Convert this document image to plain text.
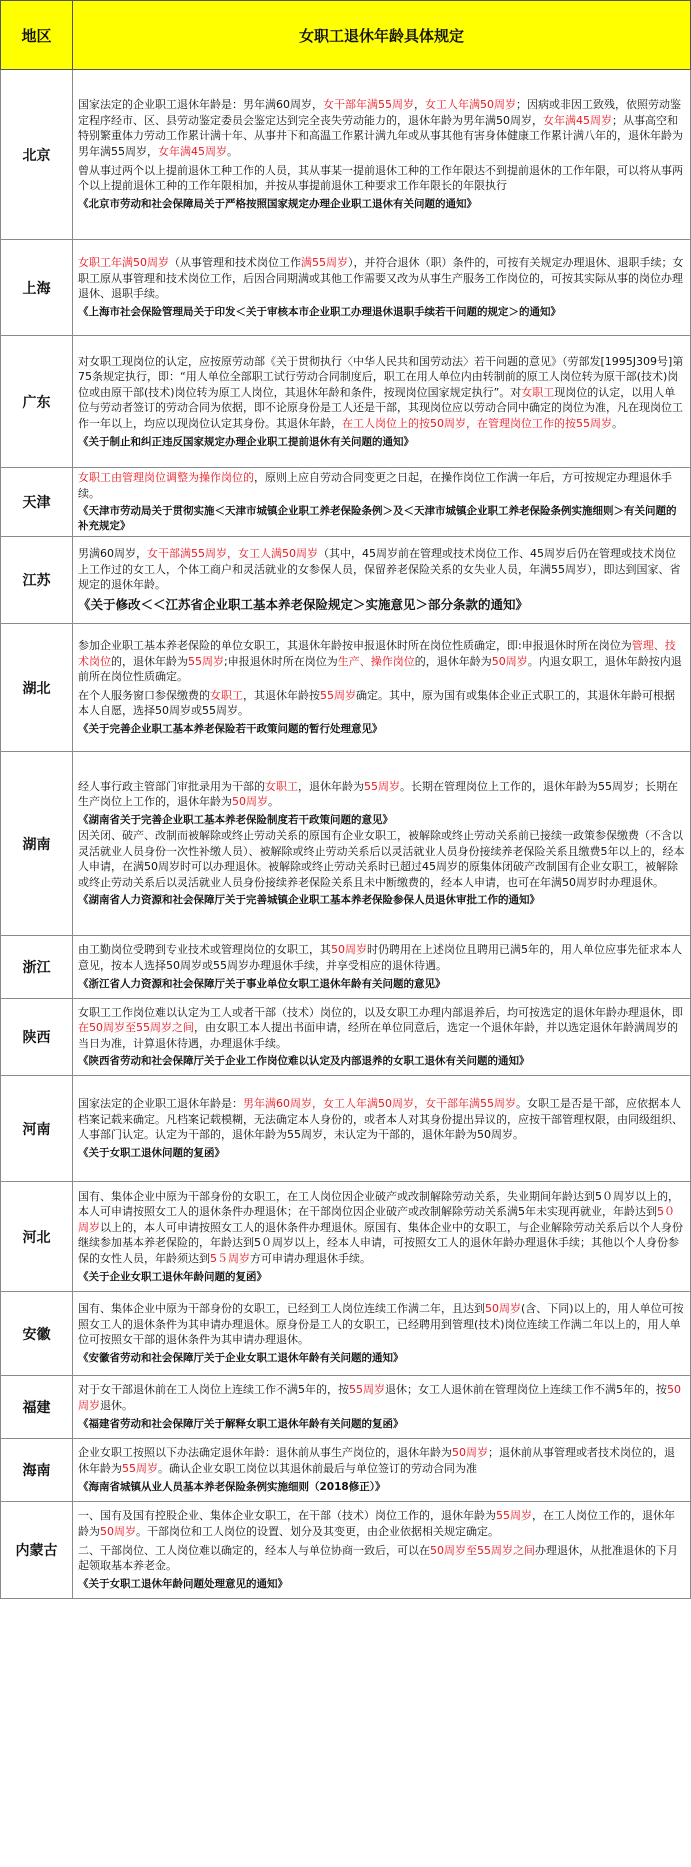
地区	女职工退休年龄具体规定
北京	国家法定的企业职工退休年龄是：男年满60周岁，女干部年满55周岁，女工人年满50周岁；因病或非因工致残，依照劳动鉴定程序经市、区、县劳动鉴定委员会鉴定达到完全丧失劳动能力的，退休年龄为男年满50周岁，女年满45周岁；从事高空和特别繁重体力劳动工作累计满十年、从事井下和高温工作累计满九年或从事其他有害身体健康工作累计满八年的，退休年龄为男年满55周岁，女年满45周岁。
曾从事过两个以上提前退休工种工作的人员，其从事某一提前退休工种的工作年限达不到提前退休的工作年限，可以将从事两个以上提前退休工种的工作年限相加，并按从事提前退休工种要求工作年限长的年限执行
《北京市劳动和社会保障局关于严格按照国家规定办理企业职工退休有关问题的通知》

上海	女职工年满50周岁（从事管理和技术岗位工作满55周岁），并符合退休（职）条件的，可按有关规定办理退休、退职手续；女职工原从事管理和技术岗位工作，后因合同期满或其他工作需要又改为从事生产服务工作岗位的，可按其实际从事的岗位办理退休、退职手续。
《上海市社会保险管理局关于印发＜关于审核本市企业职工办理退休退职手续若干问题的规定＞的通知》

广东	对女职工现岗位的认定，应按原劳动部《关于贯彻执行〈中华人民共和国劳动法〉若干问题的意见》（劳部发[1995J309号]第75条规定执行，即：“用人单位全部职工试行劳动合同制度后，职工在用人单位内由转制前的原工人岗位转为原干部(技术)岗位或由原干部(技术)岗位转为原工人岗位，其退休年龄和条件，按现岗位国家规定执行”。对女职工现岗位的认定，以用人单位与劳动者签订的劳动合同为依据，即不论原身份是工人还是干部，其现岗位应以劳动合同中确定的岗位为准，凡在现岗位工作一年以上，均应以现岗位认定其身份。其退休年龄，在工人岗位上的按50周岁，在管理岗位工作的按55周岁。
《关于制止和纠正违反国家规定办理企业职工提前退休有关问题的通知》

天津	女职工由管理岗位调整为操作岗位的，原则上应自劳动合同变更之日起，在操作岗位工作满一年后，方可按规定办理退休手续。
《天津市劳动局关于贯彻实施＜天津市城镇企业职工养老保险条例＞及＜天津市城镇企业职工养老保险条例实施细则＞有关问题的补充规定》

江苏	男满60周岁，女干部满55周岁，女工人满50周岁（其中，45周岁前在管理或技术岗位工作、45周岁后仍在管理或技术岗位上工作过的女工人，个体工商户和灵活就业的女参保人员，保留养老保险关系的女失业人员，年满55周岁），即达到国家、省规定的退休年龄。
《关于修改＜＜江苏省企业职工基本养老保险规定＞实施意见＞部分条款的通知》

湖北	参加企业职工基本养老保险的单位女职工，其退休年龄按申报退休时所在岗位性质确定，即:申报退休时所在岗位为管理、技术岗位的，退休年龄为55周岁;申报退休时所在岗位为生产、操作岗位的，退休年龄为50周岁。内退女职工，退休年龄按内退前所在岗位性质确定。
在个人服务窗口参保缴费的女职工，其退休年龄按55周岁确定。其中，原为国有或集体企业正式职工的，其退休年龄可根据本人自愿，选择50周岁或55周岁。
《关于完善企业职工基本养老保险若干政策问题的暂行处理意见》

湖南	经人事行政主管部门审批录用为干部的女职工，退休年龄为55周岁。长期在管理岗位上工作的，退休年龄为55周岁；长期在生产岗位上工作的，退休年龄为50周岁。
《湖南省关于完善企业职工基本养老保险制度若干政策问题的意见》
因关闭、破产、改制而被解除或终止劳动关系的原国有企业女职工，被解除或终止劳动关系前已接续一政策参保缴费（不含以灵活就业人员身份一次性补缴人员）、被解除或终止劳动关系后以灵活就业人员身份接续养老保险关系且缴费5年以上的，经本人申请，在满50周岁时可以办理退休。被解除或终止劳动关系时已超过45周岁的原集体闭破产改制国有企业女职工，被解除或终止劳动关系后以灵活就业人员身份接续养老保险关系且未中断缴费的，经本人申请，也可在年满50周岁时办理退休。
《湖南省人力资源和社会保障厅关于完善城镇企业职工基本养老保险参保人员退休审批工作的通知》

浙江	由工勤岗位受聘到专业技术或管理岗位的女职工，其50周岁时仍聘用在上述岗位且聘用已满5年的，用人单位应事先征求本人意见，按本人选择50周岁或55周岁办理退休手续，并享受相应的退休待遇。
《浙江省人力资源和社会保障厅关于事业单位女职工退休年龄有关问题的意见》

陕西	女职工工作岗位难以认定为工人或者干部（技术）岗位的，以及女职工办理内部退养后，均可按选定的退休年龄办理退休，即在50周岁至55周岁之间，由女职工本人提出书面申请，经所在单位同意后，选定一个退休年龄，并以选定退休年龄满周岁的当日为准，计算退休待遇，办理退休手续。
《陕西省劳动和社会保障厅关于企业工作岗位难以认定及内部退养的女职工退休有关问题的通知》

河南	国家法定的企业职工退休年龄是：男年满60周岁，女工人年满50周岁，女干部年满55周岁。女职工是否是干部，应依据本人档案记载来确定。凡档案记载模糊，无法确定本人身份的，或者本人对其身份提出异议的，应按干部管理权限，由同级组织、人事部门认定。认定为干部的，退休年龄为55周岁，未认定为干部的，退休年龄为50周岁。
《关于女职工退休问题的复函》

河北	国有、集体企业中原为干部身份的女职工，在工人岗位因企业破产或改制解除劳动关系，失业期间年龄达到5０周岁以上的，本人可申请按照女工人的退休条件办理退休；在干部岗位因企业破产或改制解除劳动关系满5年未实现再就业，年龄达到5０周岁以上的，本人可申请按照女工人的退休条件办理退休。原国有、集体企业中的女职工，与企业解除劳动关系后以个人身份继续参加基本养老保险的，年龄达到5０周岁以上，经本人申请，可按照女工人的退休年龄办理退休手续；其他以个人身份参保的女性人员，年龄须达到5５周岁方可申请办理退休手续。
《关于企业女职工退休年龄问题的复函》

安徽	国有、集体企业中原为干部身份的女职工，已经到工人岗位连续工作满二年，且达到50周岁(含、下同)以上的，用人单位可按照女工人的退休条件为其申请办理退休。原身份是工人的女职工，已经聘用到管理(技术)岗位连续工作满二年以上的，用人单位可按照女干部的退休条件为其申请办理退休。
《安徽省劳动和社会保障厅关于企业女职工退休年龄有关问题的通知》

福建	对于女干部退休前在工人岗位上连续工作不满5年的，按55周岁退休；女工人退休前在管理岗位上连续工作不满5年的，按50周岁退休。
《福建省劳动和社会保障厅关于解释女职工退休年龄有关问题的复函》

海南	企业女职工按照以下办法确定退休年龄：退休前从事生产岗位的，退休年龄为50周岁；退休前从事管理或者技术岗位的，退休年龄为55周岁。确认企业女职工岗位以其退休前最后与单位签订的劳动合同为准
《海南省城镇从业人员基本养老保险条例实施细则（2018修正）》

内蒙古	一、国有及国有控股企业、集体企业女职工，在干部（技术）岗位工作的，退休年龄为55周岁，在工人岗位工作的，退休年龄为50周岁。干部岗位和工人岗位的设置、划分及其变更，由企业依据相关规定确定。
二、干部岗位、工人岗位难以确定的，经本人与单位协商一致后，可以在50周岁至55周岁之间办理退休，从批准退休的下月起领取基本养老金。
《关于女职工退休年龄问题处理意见的通知》
